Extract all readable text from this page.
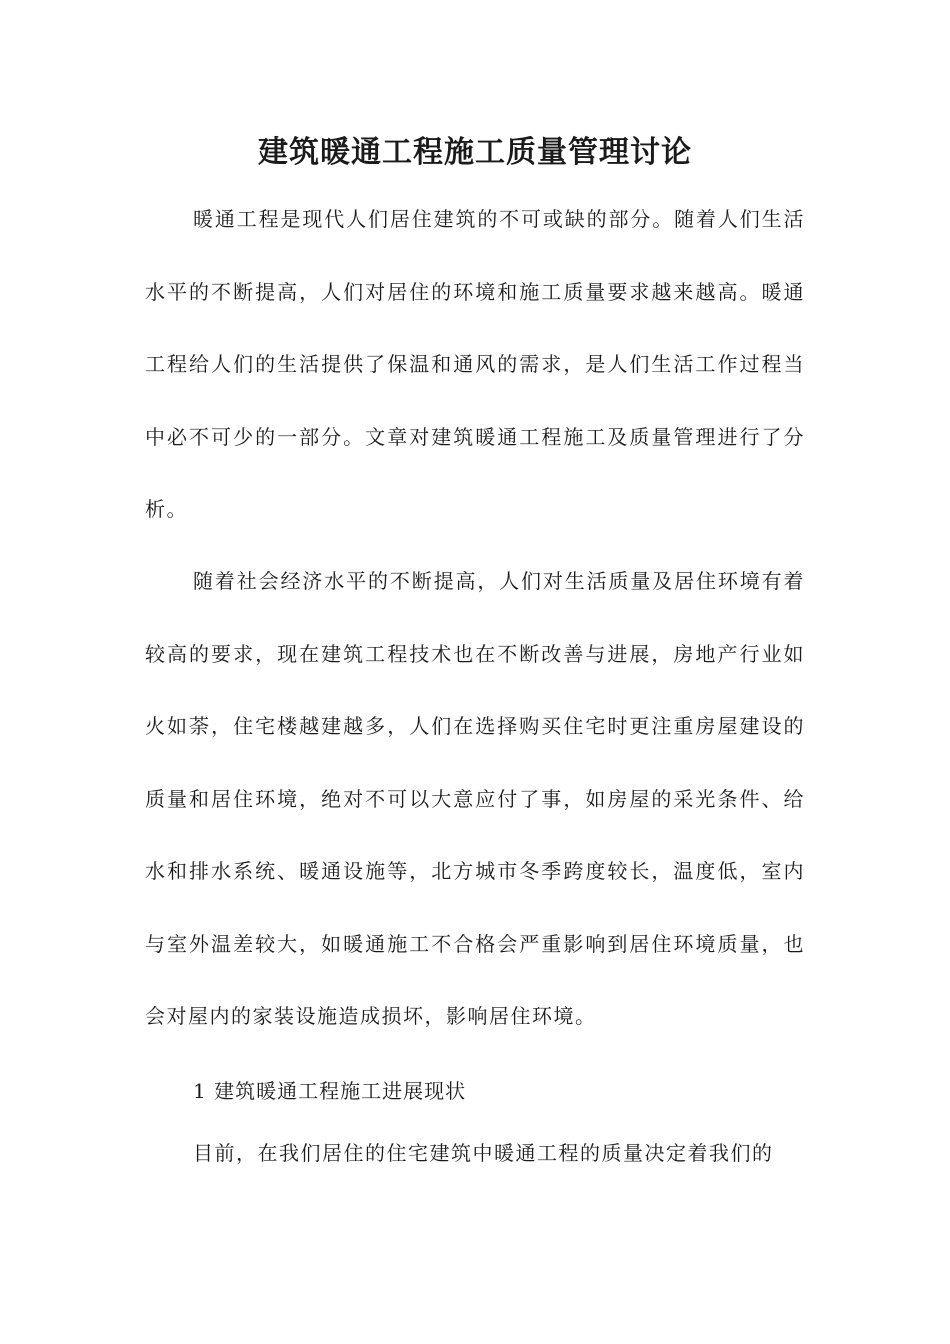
建筑暖通工程施工质量管理讨论

暖通工程是现代人们居住建筑的不可或缺的部分。随着人们生活水平的不断提高，人们对居住的环境和施工质量要求越来越高。暖通工程给人们的生活提供了保温和通风的需求，是人们生活工作过程当中必不可少的一部分。文章对建筑暖通工程施工及质量管理进行了分析。

随着社会经济水平的不断提高，人们对生活质量及居住环境有着较高的要求，现在建筑工程技术也在不断改善与进展，房地产行业如火如荼，住宅楼越建越多，人们在选择购买住宅时更注重房屋建设的质量和居住环境，绝对不可以大意应付了事，如房屋的采光条件、给水和排水系统、暖通设施等，北方城市冬季跨度较长，温度低，室内与室外温差较大，如暖通施工不合格会严重影响到居住环境质量，也会对屋内的家装设施造成损坏，影响居住环境。

1 建筑暖通工程施工进展现状

目前，在我们居住的住宅建筑中暖通工程的质量决定着我们的
